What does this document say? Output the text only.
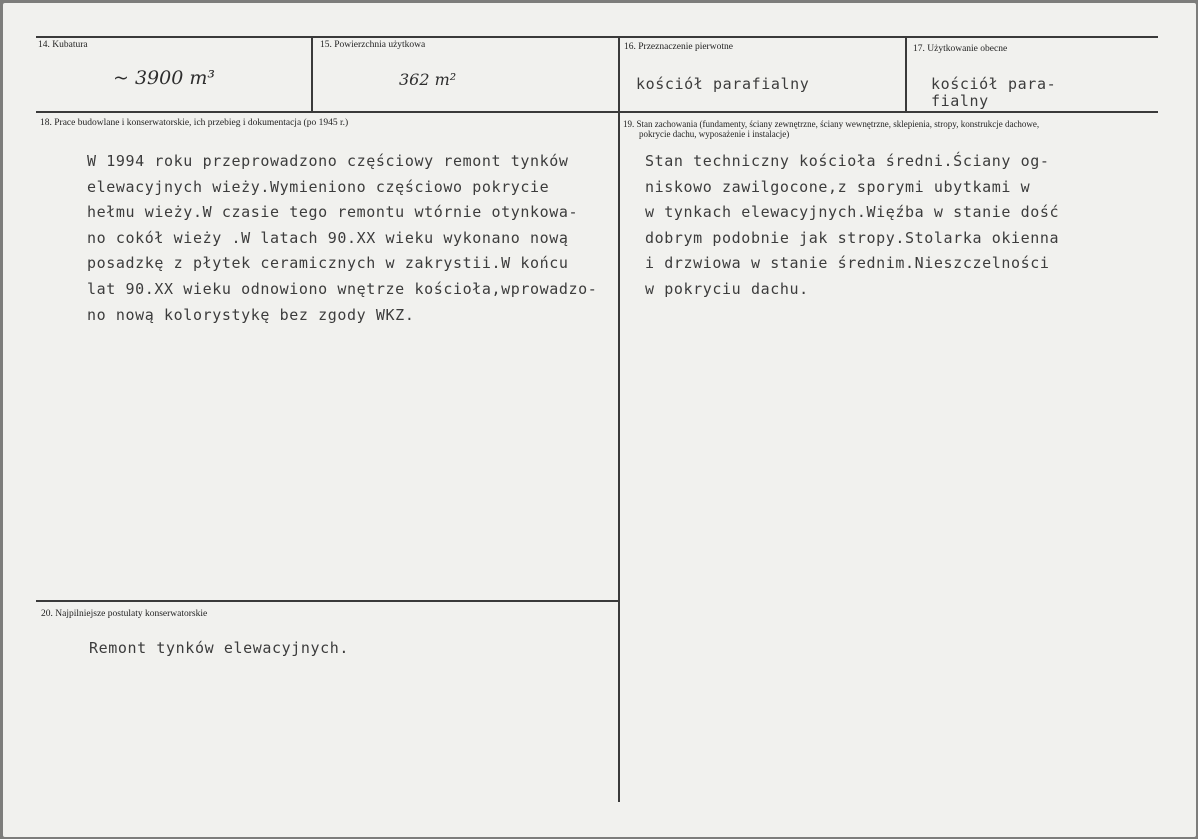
14. Kubatura
~ 3900 m³
15. Powierzchnia użytkowa
362 m²
16. Przeznaczenie pierwotne
kościół parafialny
17. Użytkowanie obecne
kościół para-
fialny
18. Prace budowlane i konserwatorskie, ich przebieg i dokumentacja (po 1945 r.)
W 1994 roku przeprowadzono częściowy remont tynków
elewacyjnych wieży.Wymieniono częściowo pokrycie
hełmu wieży.W czasie tego remontu wtórnie otynkowa-
no cokół wieży .W latach 90.XX wieku wykonano nową
posadzkę z płytek ceramicznych w zakrystii.W końcu
lat 90.XX wieku odnowiono wnętrze kościoła,wprowadzo-
no nową kolorystykę bez zgody WKZ.
19. Stan zachowania (fundamenty, ściany zewnętrzne, ściany wewnętrzne, sklepienia, stropy, konstrukcje dachowe,
pokrycie dachu, wyposażenie i instalacje)
Stan techniczny kościoła średni.Ściany og-
niskowo zawilgocone,z sporymi ubytkami w
w tynkach elewacyjnych.Więźba w stanie dość
dobrym podobnie jak stropy.Stolarka okienna
i drzwiowa w stanie średnim.Nieszczelności
w pokryciu dachu.
20. Najpilniejsze postulaty konserwatorskie
Remont tynków elewacyjnych.
